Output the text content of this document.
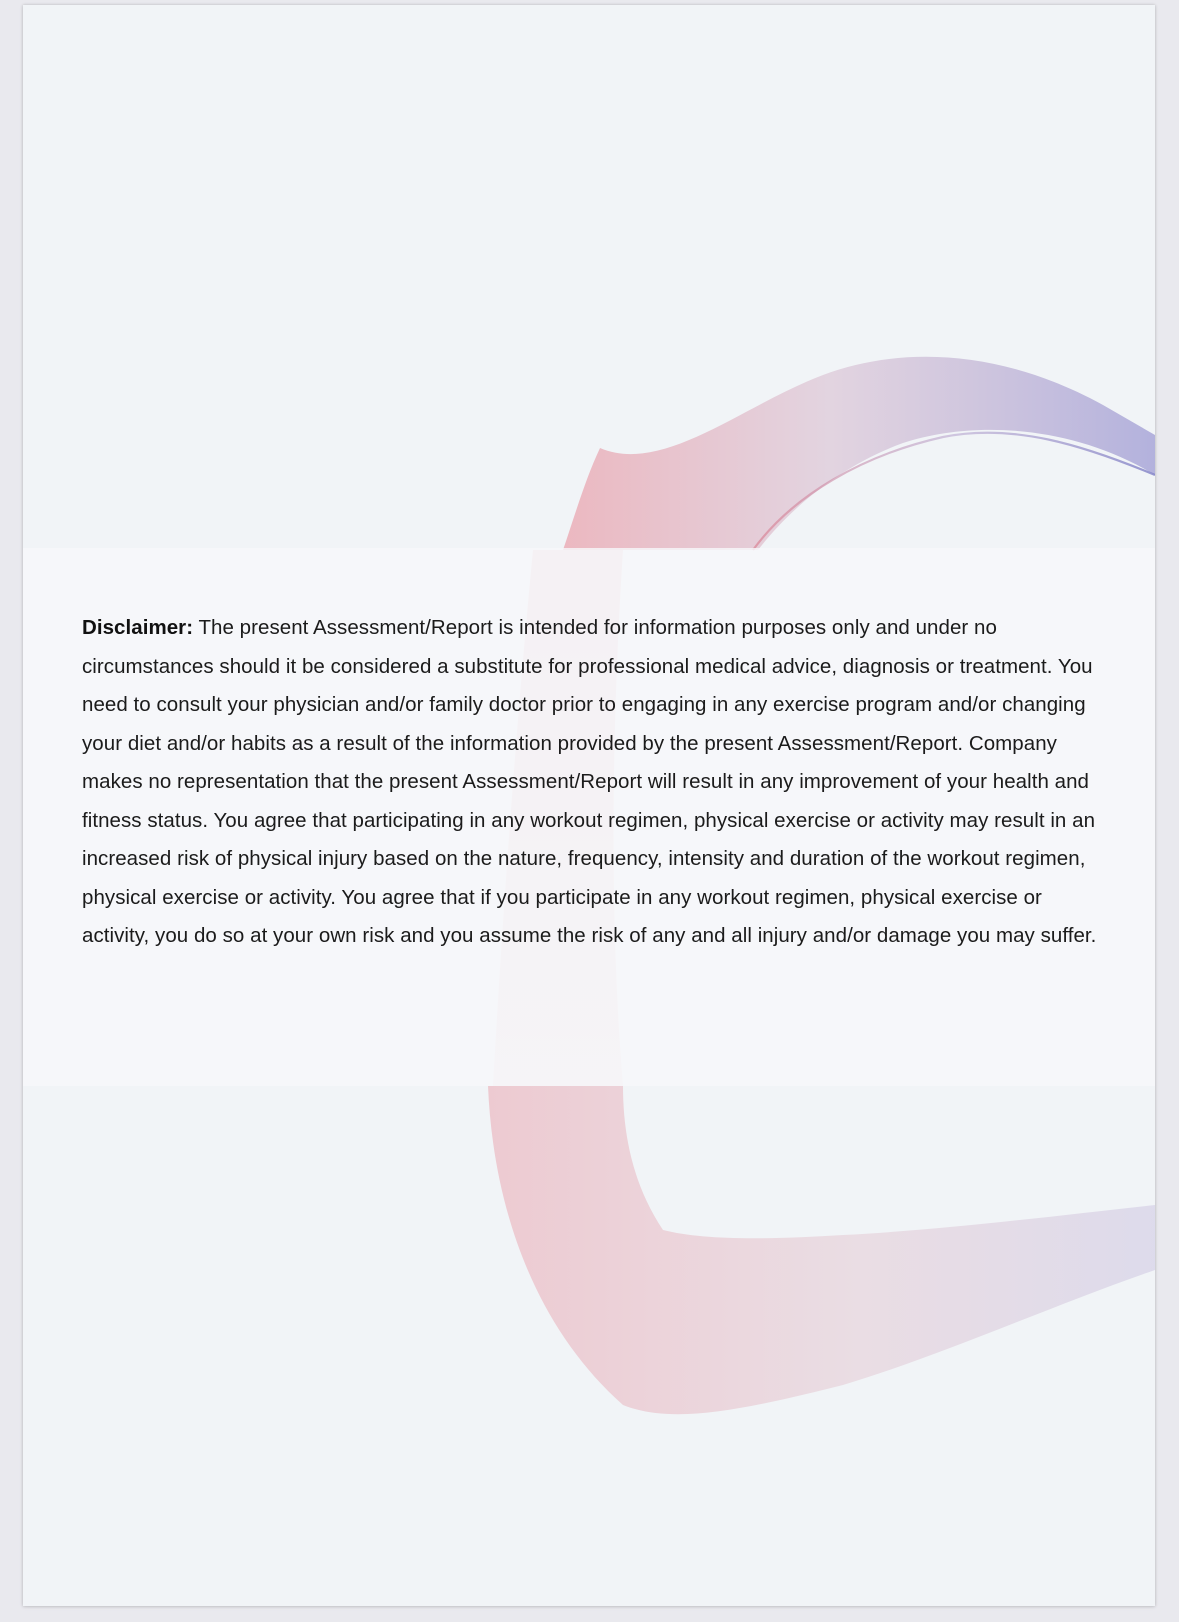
Disclaimer: The present Assessment/Report is intended for information purposes only and under no circumstances should it be considered a substitute for professional medical advice, diagnosis or treatment. You need to consult your physician and/or family doctor prior to engaging in any exercise program and/or changing your diet and/or habits as a result of the information provided by the present Assessment/Report. Company makes no representation that the present Assessment/Report will result in any improvement of your health and fitness status. You agree that participating in any workout regimen, physical exercise or activity may result in an increased risk of physical injury based on the nature, frequency, intensity and duration of the workout regimen, physical exercise or activity. You agree that if you participate in any workout regimen, physical exercise or activity, you do so at your own risk and you assume the risk of any and all injury and/or damage you may suffer.
